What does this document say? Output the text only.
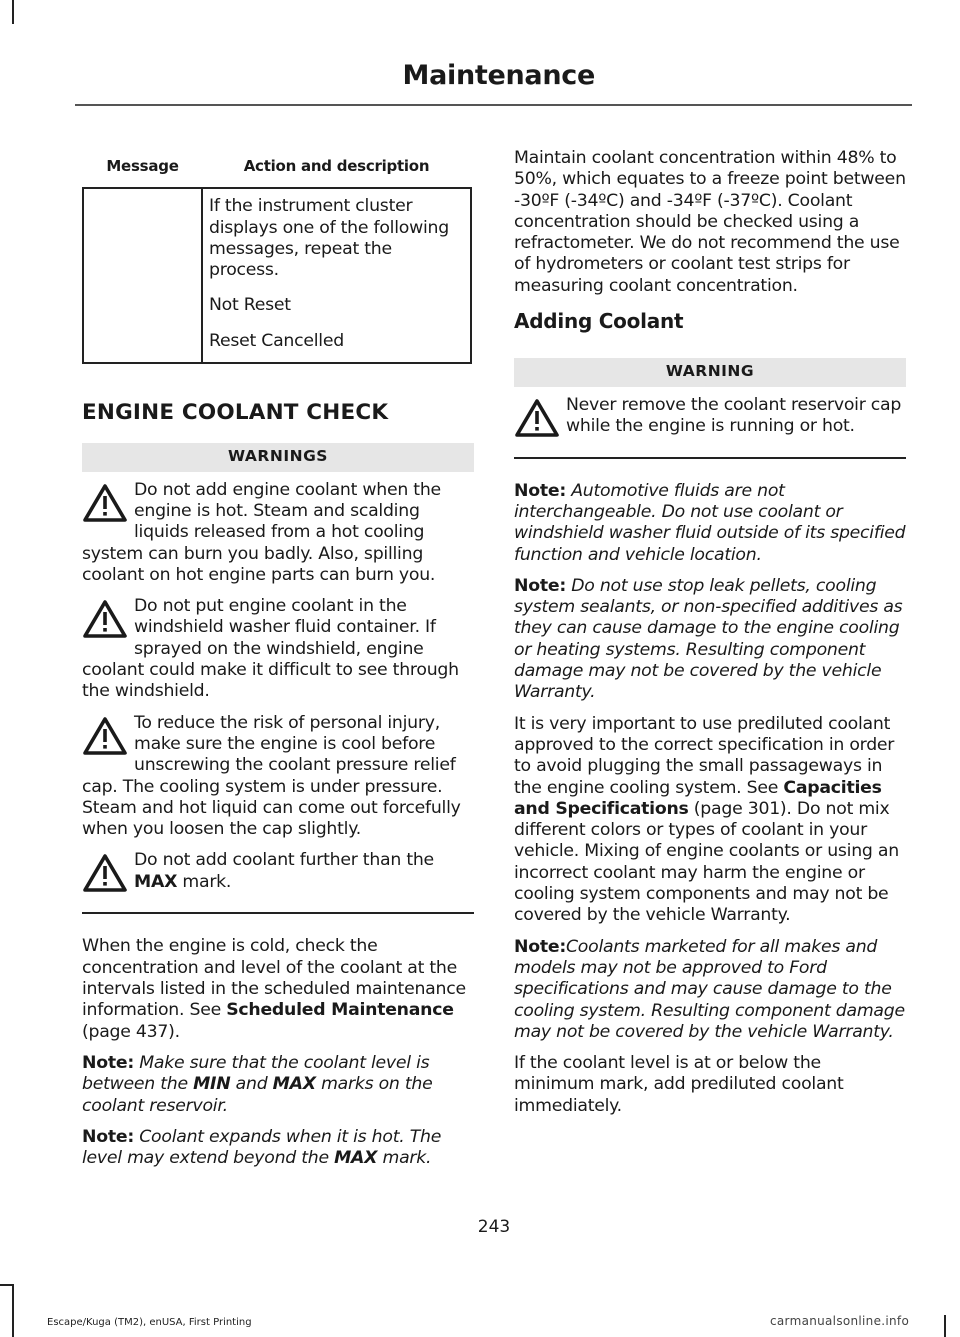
Maintenance
Message	Action and description

	If the instrument cluster displays one of the following messages, repeat the process.

Not Reset

Reset Cancelled

ENGINE COOLANT CHECK
WARNINGS
Do not add engine coolant when the engine is hot. Steam and scalding liquids released from a hot cooling system can burn you badly. Also, spilling coolant on hot engine parts can burn you.
Do not put engine coolant in the windshield washer fluid container. If sprayed on the windshield, engine coolant could make it difficult to see through the windshield.
To reduce the risk of personal injury, make sure the engine is cool before unscrewing the coolant pressure relief cap. The cooling system is under pressure. Steam and hot liquid can come out forcefully when you loosen the cap slightly.
Do not add coolant further than the MAX mark.

When the engine is cold, check the concentration and level of the coolant at the intervals listed in the scheduled maintenance information. See Scheduled Maintenance (page 437).

Note: Make sure that the coolant level is between the MIN and MAX marks on the coolant reservoir.

Note: Coolant expands when it is hot. The level may extend beyond the MAX mark.

Maintain coolant concentration within 48% to 50%, which equates to a freeze point between -30ºF (-34ºC) and -34ºF (-37ºC). Coolant concentration should be checked using a refractometer. We do not recommend the use of hydrometers or coolant test strips for measuring coolant concentration.

Adding Coolant
WARNING
Never remove the coolant reservoir cap while the engine is running or hot.

Note: Automotive fluids are not interchangeable. Do not use coolant or windshield washer fluid outside of its specified function and vehicle location.

Note: Do not use stop leak pellets, cooling system sealants, or non-specified additives as they can cause damage to the engine cooling or heating systems. Resulting component damage may not be covered by the vehicle Warranty.

It is very important to use prediluted coolant approved to the correct specification in order to avoid plugging the small passageways in the engine cooling system. See Capacities and Specifications (page 301). Do not mix different colors or types of coolant in your vehicle. Mixing of engine coolants or using an incorrect coolant may harm the engine or cooling system components and may not be covered by the vehicle Warranty.

Note:Coolants marketed for all makes and models may not be approved to Ford specifications and may cause damage to the cooling system. Resulting component damage may not be covered by the vehicle Warranty.

If the coolant level is at or below the minimum mark, add prediluted coolant immediately.

243
Escape/Kuga (TM2), enUSA, First Printing	carmanualsonline.info
